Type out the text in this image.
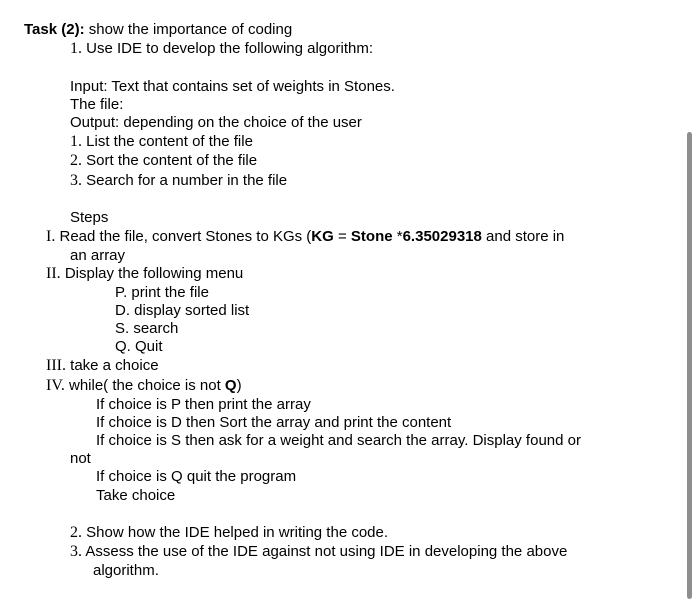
Task (2): show the importance of coding
1. Use IDE to develop the following algorithm:
Input: Text that contains set of weights in Stones.
The file:
Output: depending on the choice of the user
1. List the content of the file
2. Sort the content of the file
3. Search for a number in the file
Steps
I. Read the file, convert Stones to KGs (KG = Stone *6.35029318 and store in
an array
II. Display the following menu
P. print the file
D. display sorted list
S. search
Q. Quit
III. take a choice
IV. while( the choice is not Q)
If choice is P then print the array
If choice is D then Sort the array and print the content
If choice is S then ask for a weight and search the array. Display found or
not
If choice is Q quit the program
Take choice
2. Show how the IDE helped in writing the code.
3. Assess the use of the IDE against not using IDE in developing the above
algorithm.
